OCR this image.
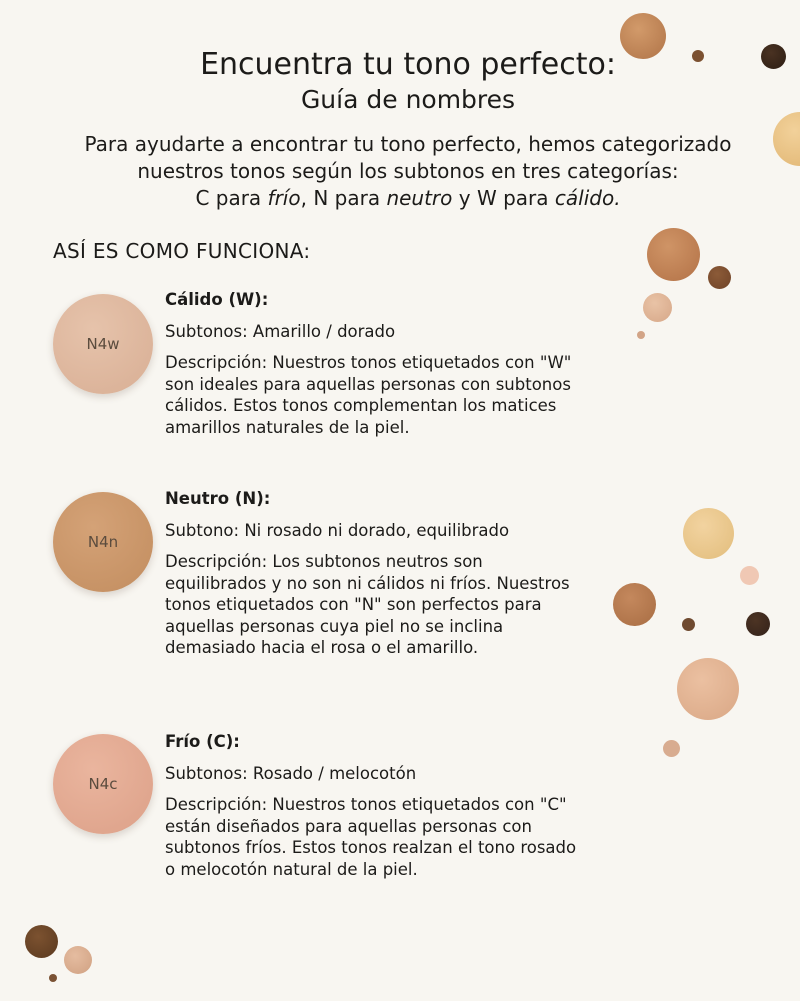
Encuentra tu tono perfecto:
Guía de nombres
Para ayudarte a encontrar tu tono perfecto, hemos categorizado
nuestros tonos según los subtonos en tres categorías:
C para frío, N para neutro y W para cálido.
ASÍ ES COMO FUNCIONA:
N4w
Cálido (W):
Subtonos: Amarillo / dorado
Descripción: Nuestros tonos etiquetados con "W" son ideales para aquellas personas con subtonos cálidos. Estos tonos complementan los matices amarillos naturales de la piel.
N4n
Neutro (N):
Subtono: Ni rosado ni dorado, equilibrado
Descripción: Los subtonos neutros son equilibrados y no son ni cálidos ni fríos. Nuestros tonos etiquetados con "N" son perfectos para aquellas personas cuya piel no se inclina demasiado hacia el rosa o el amarillo.
N4c
Frío (C):
Subtonos: Rosado / melocotón
Descripción: Nuestros tonos etiquetados con "C" están diseñados para aquellas personas con subtonos fríos. Estos tonos realzan el tono rosado o melocotón natural de la piel.
